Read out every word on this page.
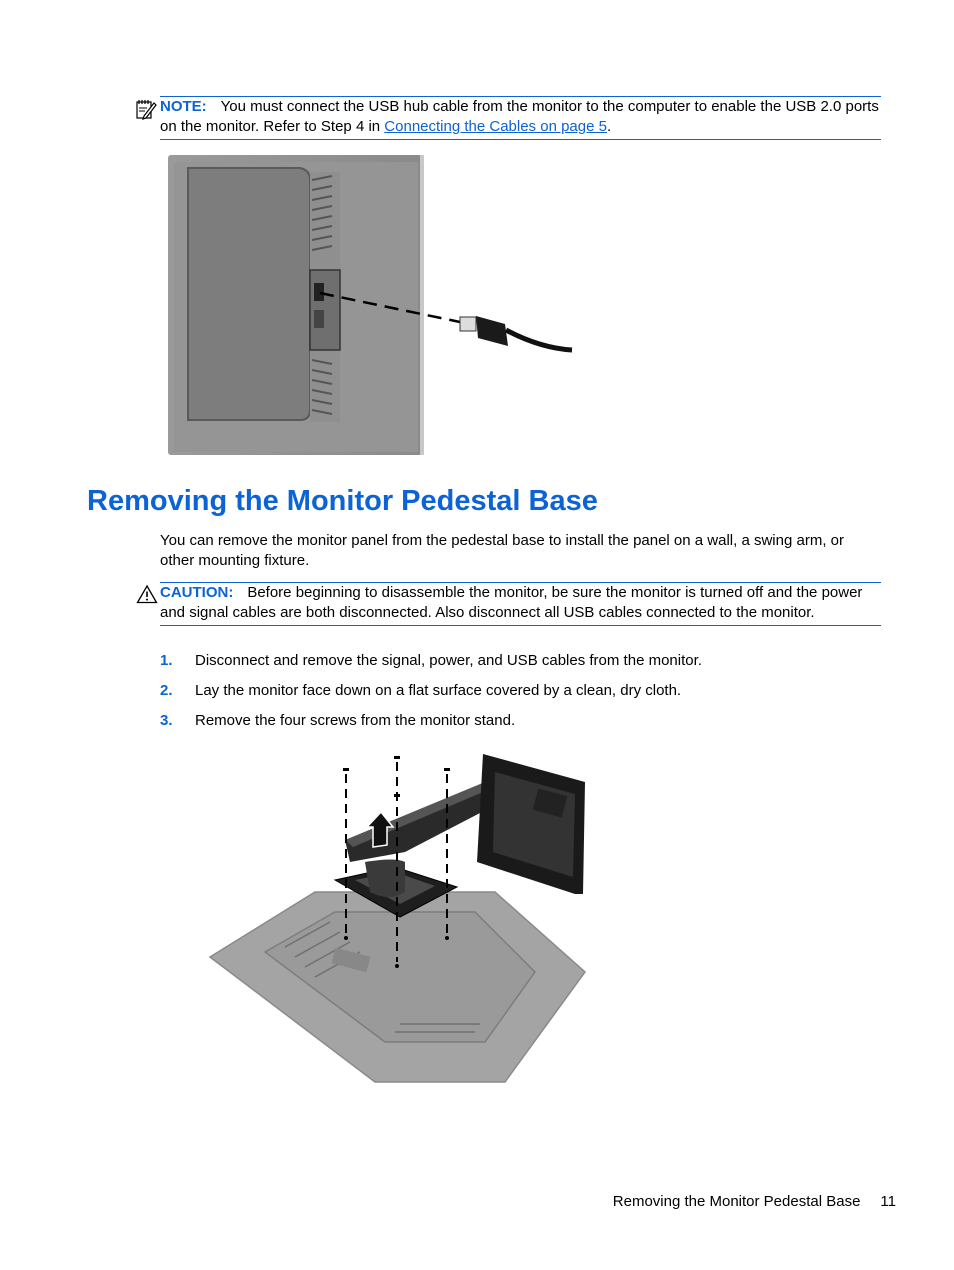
NOTE: You must connect the USB hub cable from the monitor to the computer to enable the USB 2.0 ports on the monitor. Refer to Step 4 in Connecting the Cables on page 5.
Removing the Monitor Pedestal Base

You can remove the monitor panel from the pedestal base to install the panel on a wall, a swing arm, or other mounting fixture.

CAUTION: Before beginning to disassemble the monitor, be sure the monitor is turned off and the power and signal cables are both disconnected. Also disconnect all USB cables connected to the monitor.
1. Disconnect and remove the signal, power, and USB cables from the monitor.
2. Lay the monitor face down on a flat surface covered by a clean, dry cloth.
3. Remove the four screws from the monitor stand.
Removing the Monitor Pedestal Base 11
